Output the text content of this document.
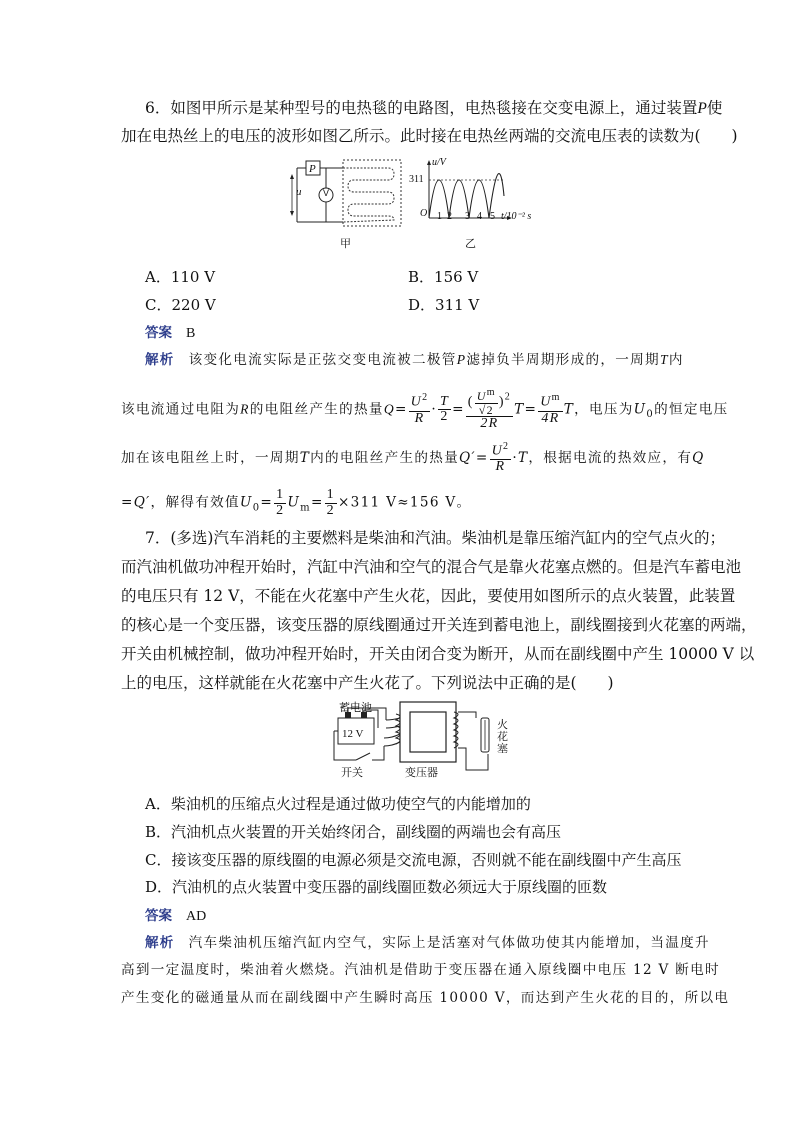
6．如图甲所示是某种型号的电热毯的电路图，电热毯接在交变电源上，通过装置P使
加在电热丝上的电压的波形如图乙所示。此时接在电热丝两端的交流电压表的读数为(　　)
P
V
u
甲
u/V
311
O 1 2 3 4 5 t/10⁻² s
乙
A．110 V	B．156 V
C．220 V	D．311 V
答案 B
解析 该变化电流实际是正弦交变电流被二极管P滤掉负半周期形成的，一周期T内
该电流通过电阻为R的电阻丝产生的热量$Q= \frac{U^2}{R} \cdot \frac{T}{2} = \frac{( \frac{U^m}{√2} )^2}{2R} T= \frac{U^m}{4R}$ T，电压为$U_0$的恒定电压
加在该电阻丝上时，一周期T内的电阻丝产生的热量$Q'= \frac{U^2}{R} \cdot T$，根据电流的热效应，有Q
=Q′，解得有效值$U_0= \frac{1}{2} U_m= \frac{1}{2} \times 311$ V≈156 V。
7．(多选)汽车消耗的主要燃料是柴油和汽油。柴油机是靠压缩汽缸内的空气点火的；
而汽油机做功冲程开始时，汽缸中汽油和空气的混合气是靠火花塞点燃的。但是汽车蓄电池
的电压只有 12 V，不能在火花塞中产生火花，因此，要使用如图所示的点火装置，此装置
的核心是一个变压器，该变压器的原线圈通过开关连到蓄电池上，副线圈接到火花塞的两端，
开关由机械控制，做功冲程开始时，开关由闭合变为断开，从而在副线圈中产生 10000 V 以
上的电压，这样就能在火花塞中产生火花了。下列说法中正确的是(　　)
蓄电池
12 V
开关	变压器
火花塞
A．柴油机的压缩点火过程是通过做功使空气的内能增加的
B．汽油机点火装置的开关始终闭合，副线圈的两端也会有高压
C．接该变压器的原线圈的电源必须是交流电源，否则就不能在副线圈中产生高压
D．汽油机的点火装置中变压器的副线圈匝数必须远大于原线圈的匝数
答案 AD
解析 汽车柴油机压缩汽缸内空气，实际上是活塞对气体做功使其内能增加，当温度升
高到一定温度时，柴油着火燃烧。汽油机是借助于变压器在通入原线圈中电压 12 V 断电时
产生变化的磁通量从而在副线圈中产生瞬时高压 10000 V，而达到产生火花的目的，所以电
